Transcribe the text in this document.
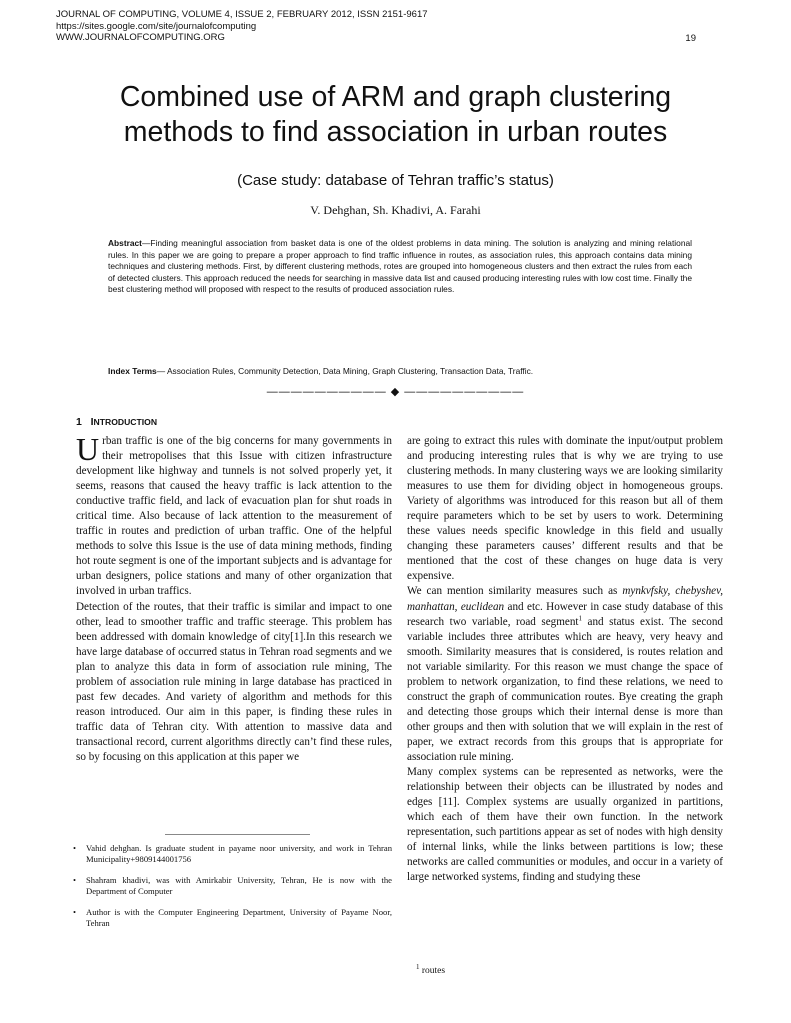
JOURNAL OF COMPUTING, VOLUME 4, ISSUE 2, FEBRUARY 2012, ISSN 2151-9617
https://sites.google.com/site/journalofcomputing
WWW.JOURNALOFCOMPUTING.ORG	19
Combined use of ARM and graph clustering
methods to find association in urban routes
(Case study: database of Tehran traffic’s status)
V. Dehghan, Sh. Khadivi, A. Farahi
Abstract—Finding meaningful association from basket data is one of the oldest problems in data mining. The solution is analyzing and mining relational rules. In this paper we are going to prepare a proper approach to find traffic influence in routes, as association rules, this approach contains data mining techniques and clustering methods. First, by different clustering methods, rotes are grouped into homogeneous clusters and then extract the rules from each of detected clusters. This approach reduced the needs for searching in massive data list and caused producing interesting rules with low cost time. Finally the best clustering method will proposed with respect to the results of produced association rules.
Index Terms— Association Rules, Community Detection, Data Mining, Graph Clustering, Transaction Data, Traffic.
—————————— ◆ ——————————
1 INTRODUCTION

Urban traffic is one of the big concerns for many governments in their metropolises that this Issue with citizen infrastructure development like highway and tunnels is not solved properly yet, it seems, reasons that caused the heavy traffic is lack attention to the conductive traffic field, and lack of evacuation plan for shut roads in critical time. Also because of lack attention to the measurement of traffic in routes and prediction of urban traffic. One of the helpful methods to solve this Issue is the use of data mining methods, finding hot route segment is one of the important subjects and is advantage for urban designers, police stations and many of other organization that involved in urban traffics.

Detection of the routes, that their traffic is similar and impact to one other, lead to smoother traffic and traffic steerage. This problem has been addressed with domain knowledge of city[1].In this research we have large database of occurred status in Tehran road segments and we plan to analyze this data in form of association rule mining, The problem of association rule mining in large database has practiced in past few decades. And variety of algorithm and methods for this reason introduced. Our aim in this paper, is finding these rules in traffic data of Tehran city. With attention to massive data and transactional record, current algorithms directly can’t find these rules, so by focusing on this application at this paper we

are going to extract this rules with dominate the input/output problem and producing interesting rules that is why we are trying to use clustering methods. In many clustering ways we are looking similarity measures to use them for dividing object in homogeneous groups. Variety of algorithms was introduced for this reason but all of them require parameters which to be set by users to work. Determining these values needs specific knowledge in this field and usually changing these parameters causes’ different results and that be mentioned that the cost of these changes on huge data is very expensive.

We can mention similarity measures such as mynkvfsky, chebyshev, manhattan, euclidean and etc. However in case study database of this research two variable, road segment$^1$ and status exist. The second variable includes three attributes which are heavy, very heavy and smooth. Similarity measures that is considered, is routes relation and not variable similarity. For this reason we must change the space of problem to network organization, to find these relations, we need to construct the graph of communication routes. Bye creating the graph and detecting those groups which their internal dense is more than other groups and then with solution that we will explain in the rest of paper, we extract records from this groups that is appropriate for association rule mining.

Many complex systems can be represented as networks, were the relationship between their objects can be illustrated by nodes and edges [11]. Complex systems are usually organized in partitions, which each of them have their own function. In the network representation, such partitions appear as set of nodes with high density of internal links, while the links between partitions is low; these networks are called communities or modules, and occur in a variety of large networked systems, finding and studying these

• Vahid dehghan. Is graduate student in payame noor university, and work in Tehran Municipality+9809144001756
• Shahram khadivi, was with Amirkabir University, Tehran, He is now with the Department of Computer
• Author is with the Computer Engineering Department, University of Payame Noor, Tehran
$^1$ routes
